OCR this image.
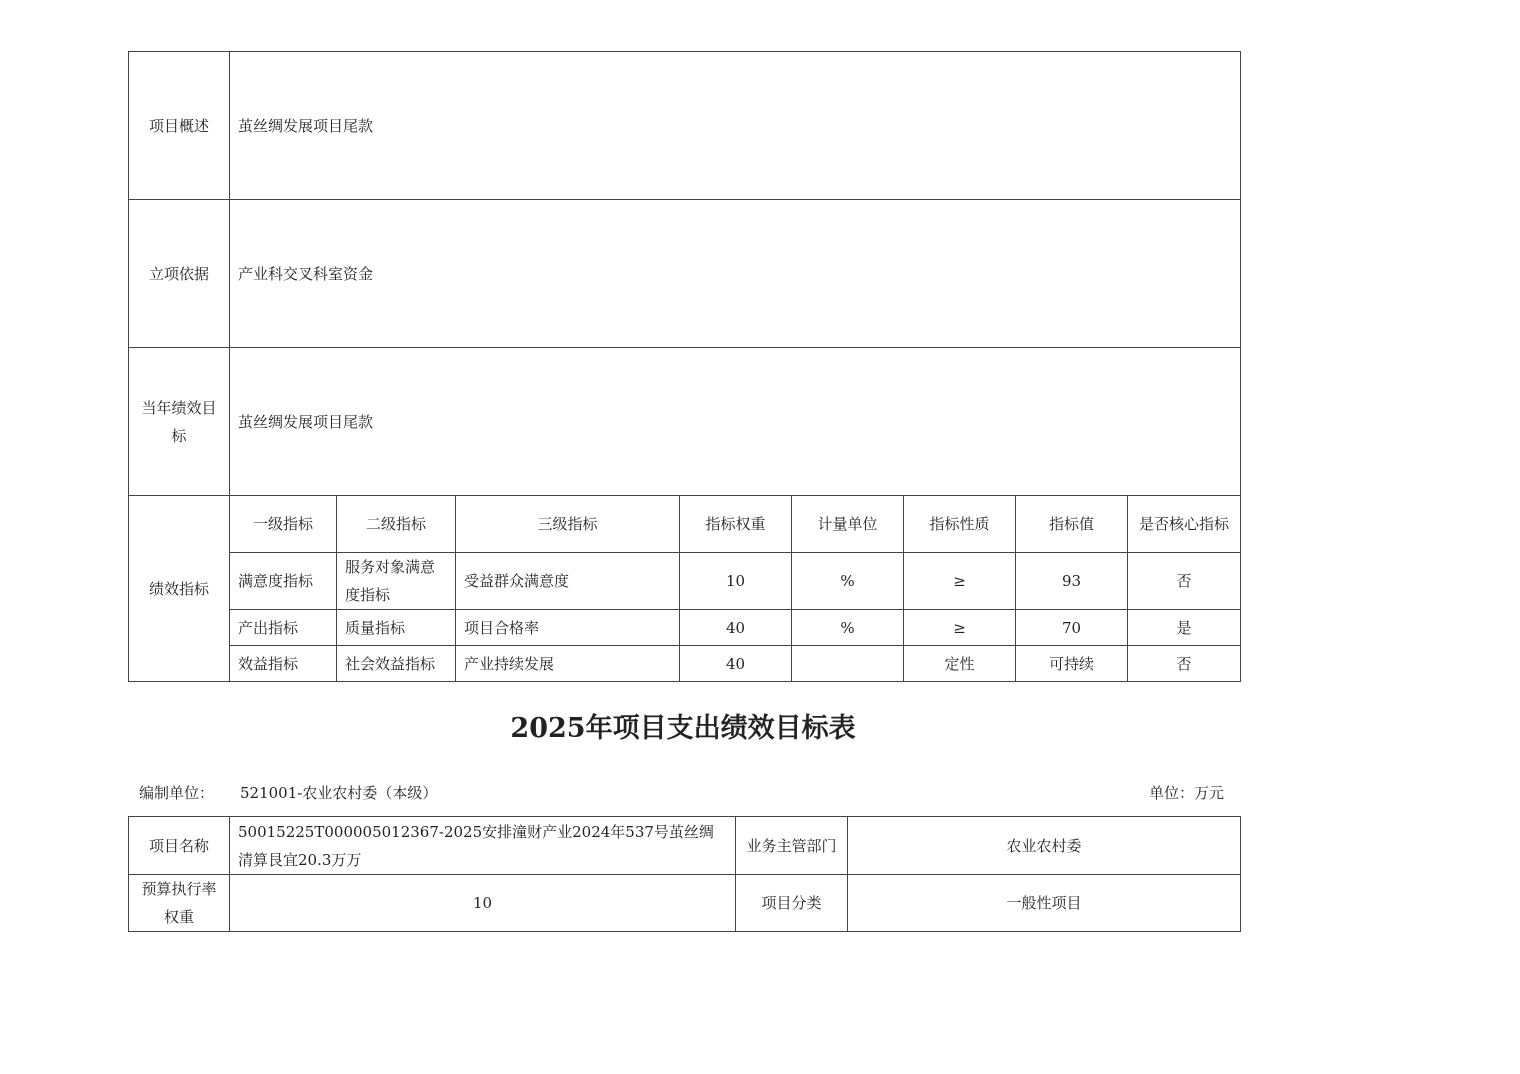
项目概述	茧丝绸发展项目尾款							
立项依据	产业科交叉科室资金							
当年绩效目标	茧丝绸发展项目尾款							
绩效指标	一级指标	二级指标	三级指标	指标权重	计量单位	指标性质	指标值	是否核心指标
	满意度指标	服务对象满意度指标	受益群众满意度	10	%	≥	93	否
	产出指标	质量指标	项目合格率	40	%	≥	70	是
	效益指标	社会效益指标	产业持续发展	40		定性	可持续	否
2025年项目支出绩效目标表
编制单位： 521001-农业农村委（本级）	单位：万元
项目名称	50015225T000005012367-2025安排潼财产业2024年537号茧丝绸清算艮宜20.3万万	业务主管部门	农业农村委
预算执行率权重	10	项目分类	一般性项目
